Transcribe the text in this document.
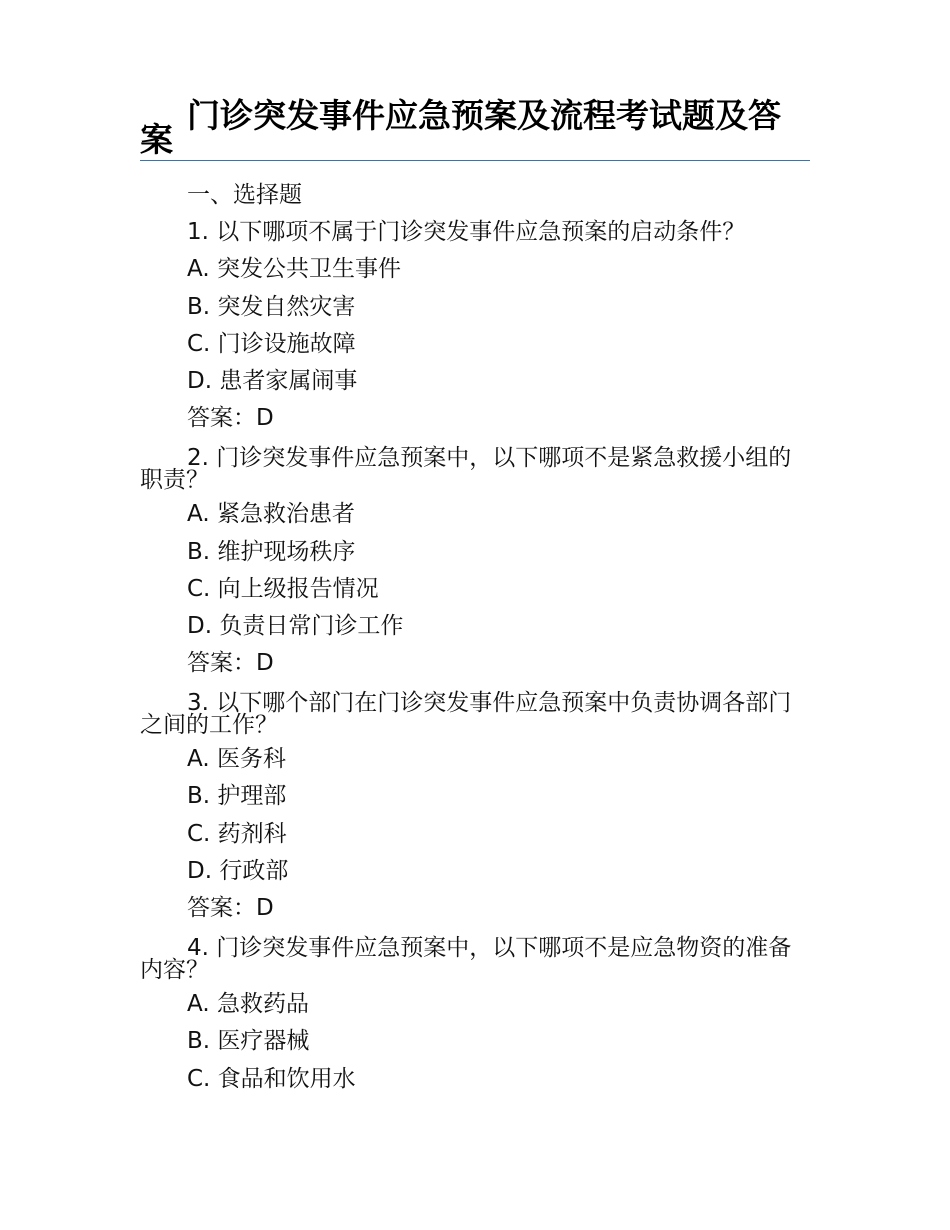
门诊突发事件应急预案及流程考试题及答案
一、选择题
1. 以下哪项不属于门诊突发事件应急预案的启动条件？
A. 突发公共卫生事件
B. 突发自然灾害
C. 门诊设施故障
D. 患者家属闹事
答案：D
2. 门诊突发事件应急预案中，以下哪项不是紧急救援小组的职责？
A. 紧急救治患者
B. 维护现场秩序
C. 向上级报告情况
D. 负责日常门诊工作
答案：D
3. 以下哪个部门在门诊突发事件应急预案中负责协调各部门之间的工作？
A. 医务科
B. 护理部
C. 药剂科
D. 行政部
答案：D
4. 门诊突发事件应急预案中，以下哪项不是应急物资的准备内容？
A. 急救药品
B. 医疗器械
C. 食品和饮用水
